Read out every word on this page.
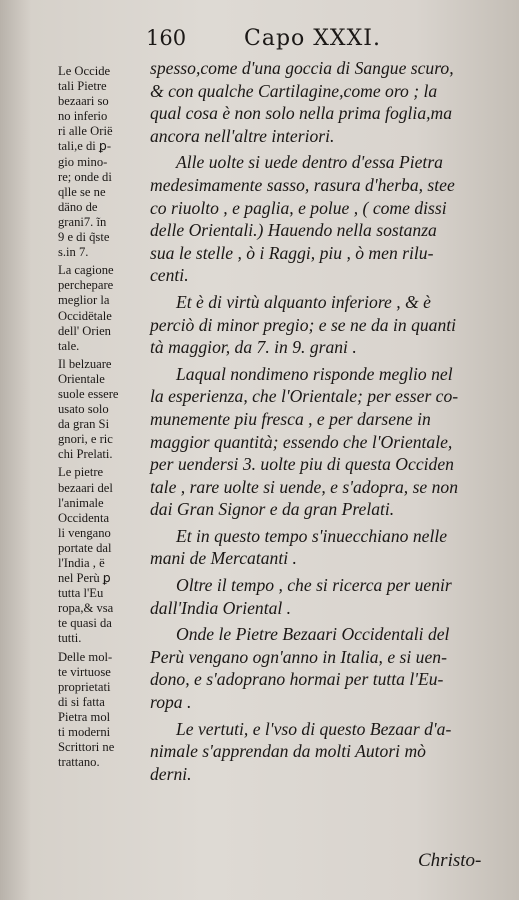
160	Capo XXXI.
Le Occide
tali Pietre
bezaari so
no inferio
ri alle Orië
tali,e di ꝑ-
gio mino-
re; onde di
qlle se ne
däno de
grani7. ĩn
9 e di q̃ste
s.in 7.
La cagione
perchepare
meglior la
Occidëtale
dell' Orien
tale.
Il belzuare
Orientale
suole essere
usato solo
da gran Si
gnori, e ric
chi Prelati.
Le pietre
bezaari del
l'animale
Occidenta
li vengano
portate dal
l'India , ë
nel Perù ꝑ
tutta l'Eu
ropa,& vsa
te quasi da
tutti.
Delle mol-
te virtuose
proprietati
di si fatta
Pietra mol
ti moderni
Scrittori ne
trattano.
spesso,come d'una goccia di Sangue scuro,
& con qualche Cartilagine,come oro ; la
qual cosa è non solo nella prima foglia,ma
ancora nell'altre interiori.
Alle uolte si uede dentro d'essa Pietra
medesimamente sasso, rasura d'herba, stee
co riuolto , e paglia, e polue , ( come dissi
delle Orientali.) Hauendo nella sostanza
sua le stelle , ò i Raggi, piu , ò men rilu-
centi.
Et è di virtù alquanto inferiore , & è
perciò di minor pregio; e se ne da in quanti
tà maggior, da 7. in 9. grani .
Laqual nondimeno risponde meglio nel
la esperienza, che l'Orientale; per esser co-
munemente piu fresca , e per darsene in
maggior quantità; essendo che l'Orientale,
per uendersi 3. uolte piu di questa Occiden
tale , rare uolte si uende, e s'adopra, se non
dai Gran Signor e da gran Prelati.
Et in questo tempo s'inuecchiano nelle
mani de Mercatanti .
Oltre il tempo , che si ricerca per uenir
dall'India Oriental .
Onde le Pietre Bezaari Occidentali del
Perù vengano ogn'anno in Italia, e si uen-
dono, e s'adoprano hormai per tutta l'Eu-
ropa .
Le vertuti, e l'vso di questo Bezaar d'a-
nimale s'apprendan da molti Autori mò
derni.
Christo-
